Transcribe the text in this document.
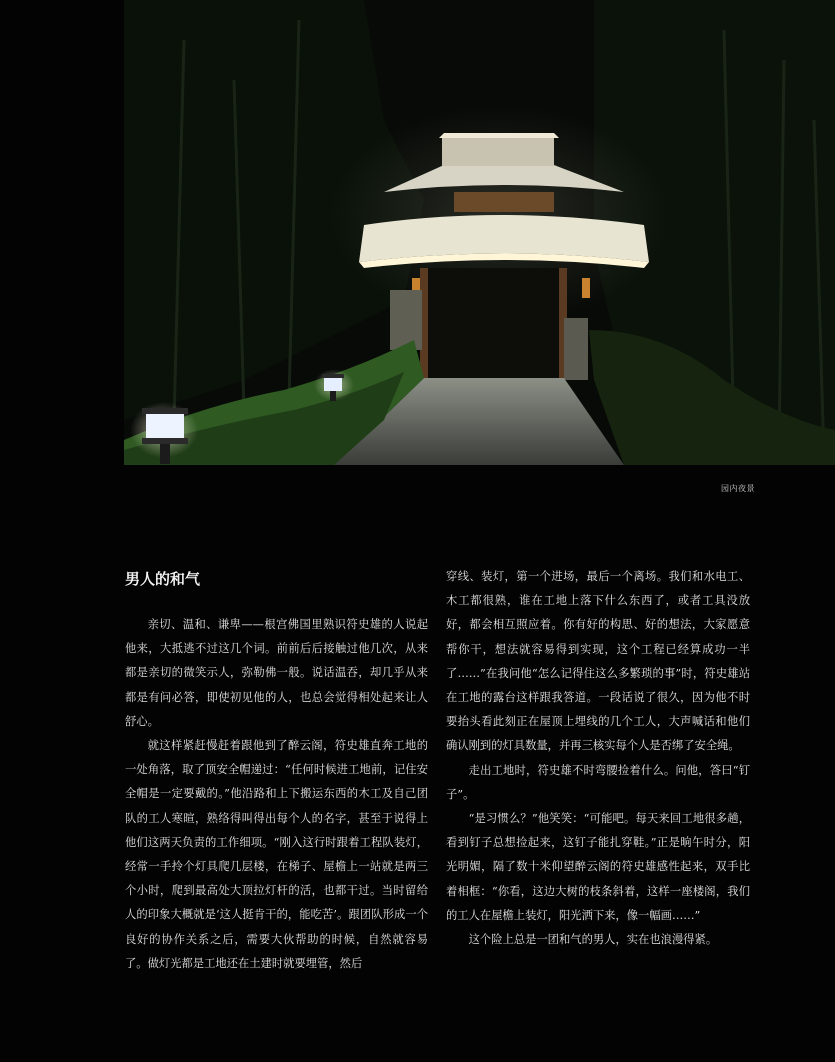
园内夜景
男人的和气

亲切、温和、谦卑——根宫佛国里熟识符史雄的人说起他来，大抵逃不过这几个词。前前后后接触过他几次，从来都是亲切的微笑示人，弥勒佛一般。说话温吞，却几乎从来都是有问必答，即使初见他的人，也总会觉得相处起来让人舒心。

就这样紧赶慢赶着跟他到了醉云阁，符史雄直奔工地的一处角落，取了顶安全帽递过：“任何时候进工地前，记住安全帽是一定要戴的。”他沿路和上下搬运东西的木工及自己团队的工人寒暄，熟络得叫得出每个人的名字，甚至于说得上他们这两天负责的工作细项。“刚入这行时跟着工程队装灯，经常一手拎个灯具爬几层楼，在梯子、屋檐上一站就是两三个小时，爬到最高处大顶拉灯杆的活，也都干过。当时留给人的印象大概就是‘这人挺肯干的，能吃苦’。跟团队形成一个良好的协作关系之后，需要大伙帮助的时候，自然就容易了。做灯光都是工地还在土建时就要埋管，然后

穿线、装灯，第一个进场，最后一个离场。我们和水电工、木工都很熟，谁在工地上落下什么东西了，或者工具没放好，都会相互照应着。你有好的构思、好的想法，大家愿意帮你干，想法就容易得到实现，这个工程已经算成功一半了……”在我问他“怎么记得住这么多繁琐的事”时，符史雄站在工地的露台这样跟我答道。一段话说了很久，因为他不时要抬头看此刻正在屋顶上埋线的几个工人，大声喊话和他们确认刚到的灯具数量，并再三核实每个人是否绑了安全绳。

走出工地时，符史雄不时弯腰捡着什么。问他，答曰“钉子”。

“是习惯么？”他笑笑：“可能吧。每天来回工地很多趟，看到钉子总想捡起来，这钉子能扎穿鞋。”正是晌午时分，阳光明媚，隔了数十米仰望醉云阁的符史雄感性起来，双手比着相框：“你看，这边大树的枝条斜着，这样一座楼阁，我们的工人在屋檐上装灯，阳光洒下来，像一幅画……”

这个险上总是一团和气的男人，实在也浪漫得紧。
